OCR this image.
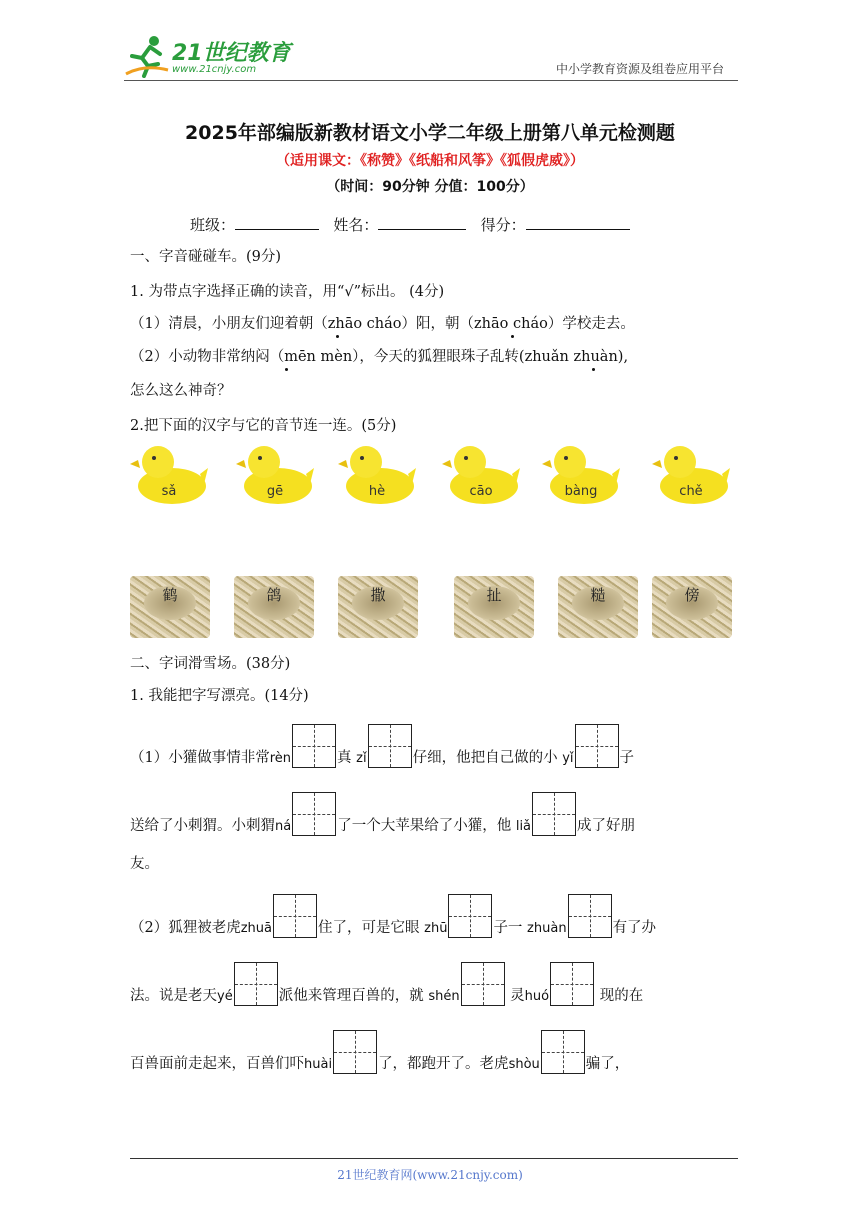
21世纪教育
www.21cnjy.com	中小学教育资源及组卷应用平台
2025年部编版新教材语文小学二年级上册第八单元检测题
（适用课文：《称赞》《纸船和风筝》《狐假虎威》）
（时间：90分钟 分值：100分）
班级：	姓名：	得分：
一、字音碰碰车。(9分)
1. 为带点字选择正确的读音，用“√”标出。 (4分)
（1）清晨，小朋友们迎着朝（zhāo cháo）阳，朝（zhāo cháo）学校走去。
（2）小动物非常纳闷（mēn mèn），今天的狐狸眼珠子乱转(zhuǎn zhuàn),
怎么这么神奇？
2.把下面的汉字与它的音节连一连。(5分)
sǎ	gē	hè	cāo	bàng	chě
鹤	鸽	撒	扯	糙	傍
二、字词滑雪场。(38分)
1. 我能把字写漂亮。(14分)
（1）小獾做事情非常rèn	真 zǐ	仔细，他把自己做的小 yǐ	子
送给了小刺猬。小刺猬ná	了一个大苹果给了小獾，他 liǎ	成了好朋
友。
（2）狐狸被老虎zhuā	住了，可是它眼 zhū	子一 zhuàn	有了办
法。说是老天yé	派他来管理百兽的，就 shén	灵huó	现的在
百兽面前走起来，百兽们吓huài	了，都跑开了。老虎shòu	骗了，
21世纪教育网(www.21cnjy.com)
